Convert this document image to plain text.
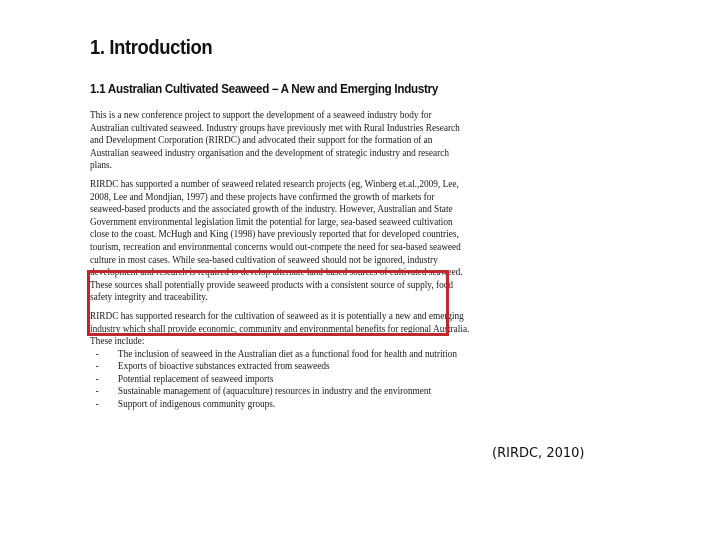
1. Introduction
1.1 Australian Cultivated Seaweed – A New and Emerging Industry
This is a new conference project to support the development of a seaweed industry body for
Australian cultivated seaweed. Industry groups have previously met with Rural Industries Research
and Development Corporation (RIRDC) and advocated their support for the formation of an
Australian seaweed industry organisation and the development of strategic industry and research
plans.
RIRDC has supported a number of seaweed related research projects (eg, Winberg et.al.,2009, Lee,
2008, Lee and Mondjian, 1997) and these projects have confirmed the growth of markets for
seaweed-based products and the associated growth of the industry. However, Australian and State
Government environmental legislation limit the potential for large, sea-based seaweed cultivation
close to the coast. McHugh and King (1998) have previously reported that for developed countries,
tourism, recreation and environmental concerns would out-compete the need for sea-based seaweed
culture in most cases. While sea-based cultivation of seaweed should not be ignored, industry
development and research is required to develop alternate land-based sources of cultivated seaweed.
These sources shall potentially provide seaweed products with a consistent source of supply, food
safety integrity and traceability.
RIRDC has supported research for the cultivation of seaweed as it is potentially a new and emerging
industry which shall provide economic, community and environmental benefits for regional Australia.
These include:
- The inclusion of seaweed in the Australian diet as a functional food for health and nutrition
- Exports of bioactive substances extracted from seaweeds
- Potential replacement of seaweed imports
- Sustainable management of (aquaculture) resources in industry and the environment
- Support of indigenous community groups.
(RIRDC, 2010)
